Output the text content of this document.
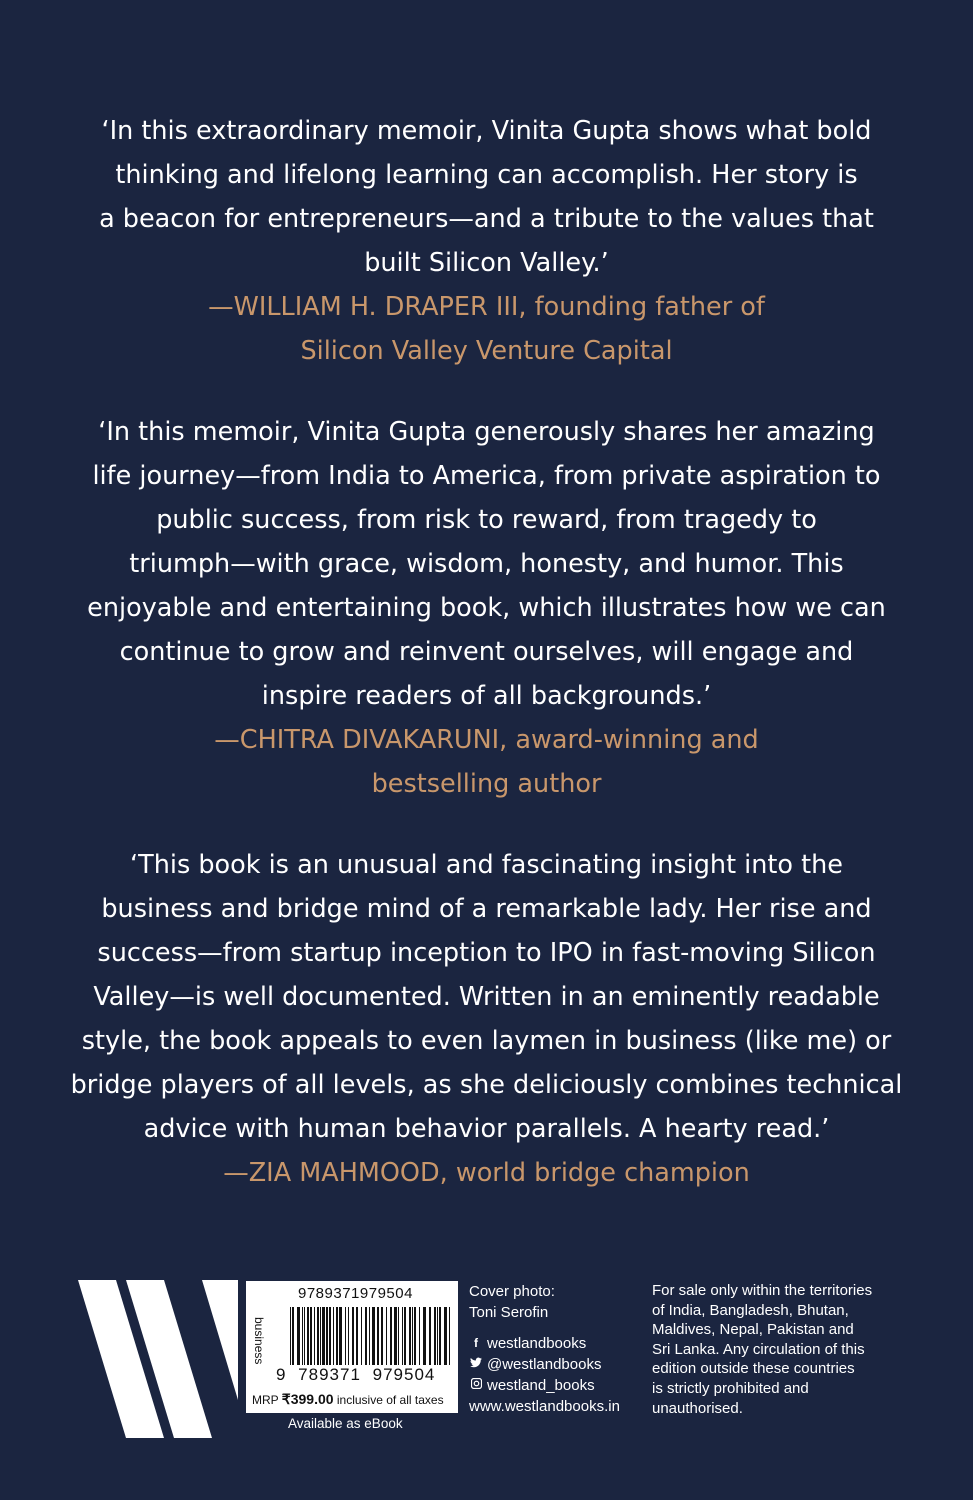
‘In this extraordinary memoir, Vinita Gupta shows what bold
thinking and lifelong learning can accomplish. Her story is
a beacon for entrepreneurs—and a tribute to the values that
built Silicon Valley.’

—WILLIAM H. DRAPER III, founding father of
Silicon Valley Venture Capital

‘In this memoir, Vinita Gupta generously shares her amazing
life journey—from India to America, from private aspiration to
public success, from risk to reward, from tragedy to
triumph—with grace, wisdom, honesty, and humor. This
enjoyable and entertaining book, which illustrates how we can
continue to grow and reinvent ourselves, will engage and
inspire readers of all backgrounds.’

—CHITRA DIVAKARUNI, award-winning and
bestselling author

‘This book is an unusual and fascinating insight into the
business and bridge mind of a remarkable lady. Her rise and
success—from startup inception to IPO in fast-moving Silicon
Valley—is well documented. Written in an eminently readable
style, the book appeals to even laymen in business (like me) or
bridge players of all levels, as she deliciously combines technical
advice with human behavior parallels. A hearty read.’

—ZIA MAHMOOD, world bridge champion

9789371979504
business
9 789371 979504
MRP ₹399.00 inclusive of all taxes
Available as eBook
Cover photo:
Toni Serofin
f westlandbooks
@westlandbooks
westland_books
www.westlandbooks.in
For sale only within the territories
of India, Bangladesh, Bhutan,
Maldives, Nepal, Pakistan and
Sri Lanka. Any circulation of this
edition outside these countries
is strictly prohibited and
unauthorised.
